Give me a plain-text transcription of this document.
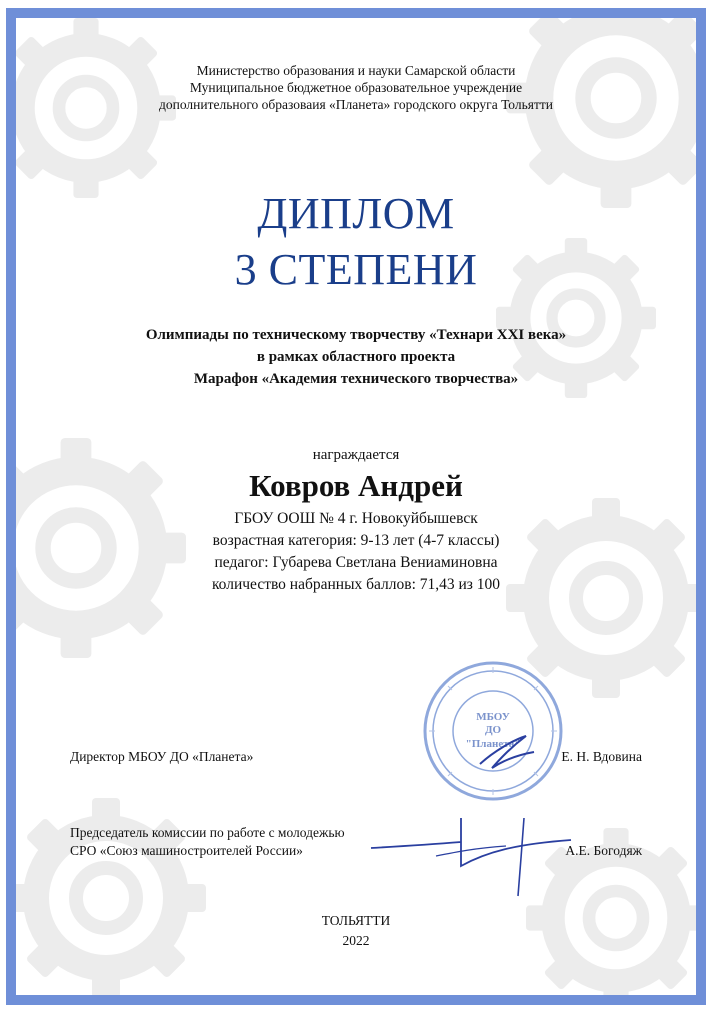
Министерство образования и науки Самарской области
Муниципальное бюджетное образовательное учреждение
дополнительного образоваия «Планета» городского округа Тольятти
ДИПЛОМ
3 СТЕПЕНИ
Олимпиады по техническому творчеству «Технари XXI века»
в рамках областного проекта
Марафон «Академия технического творчества»
награждается
Ковров Андрей
ГБОУ ООШ № 4 г. Новокуйбышевск
возрастная категория: 9-13 лет (4-7 классы)
педагог: Губарева Светлана Вениаминовна
количество набранных баллов: 71,43 из 100
МБОУ
ДО
"Планета"
Директор МБОУ ДО «Планета»	Е. Н. Вдовина
Председатель комиссии по работе с молодежью
СРО «Союз машиностроителей России»	А.Е. Богодяж
ТОЛЬЯТТИ
2022
